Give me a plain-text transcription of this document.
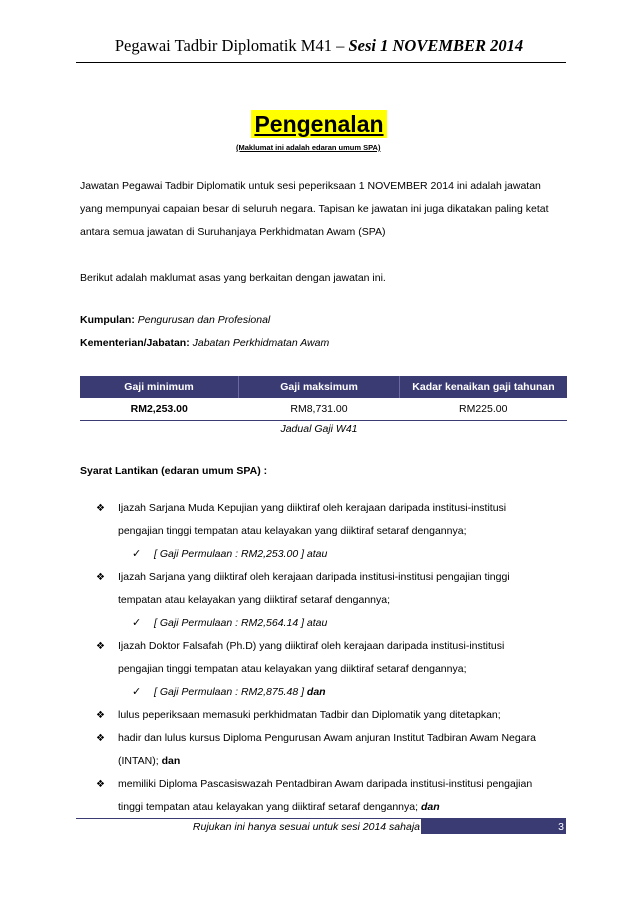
Pegawai Tadbir Diplomatik M41 – Sesi 1 NOVEMBER 2014
Pengenalan
(Maklumat ini adalah edaran umum SPA)
Jawatan Pegawai Tadbir Diplomatik untuk sesi peperiksaan 1 NOVEMBER 2014 ini adalah jawatan
yang mempunyai capaian besar di seluruh negara. Tapisan ke jawatan ini juga dikatakan paling ketat
antara semua jawatan di Suruhanjaya Perkhidmatan Awam (SPA)
Berikut adalah maklumat asas yang berkaitan dengan jawatan ini.
Kumpulan: Pengurusan dan Profesional
Kementerian/Jabatan: Jabatan Perkhidmatan Awam
Gaji minimum	Gaji maksimum	Kadar kenaikan gaji tahunan
RM2,253.00	RM8,731.00	RM225.00
Jadual Gaji W41
Syarat Lantikan (edaran umum SPA) :
❖ Ijazah Sarjana Muda Kepujian yang diiktiraf oleh kerajaan daripada institusi-institusi
pengajian tinggi tempatan atau kelayakan yang diiktiraf setaraf dengannya;
✓ [ Gaji Permulaan : RM2,253.00 ] atau
❖ Ijazah Sarjana yang diiktiraf oleh kerajaan daripada institusi-institusi pengajian tinggi
tempatan atau kelayakan yang diiktiraf setaraf dengannya;
✓ [ Gaji Permulaan : RM2,564.14 ] atau
❖ Ijazah Doktor Falsafah (Ph.D) yang diiktiraf oleh kerajaan daripada institusi-institusi
pengajian tinggi tempatan atau kelayakan yang diiktiraf setaraf dengannya;
✓ [ Gaji Permulaan : RM2,875.48 ] dan
❖ lulus peperiksaan memasuki perkhidmatan Tadbir dan Diplomatik yang ditetapkan;
❖ hadir dan lulus kursus Diploma Pengurusan Awam anjuran Institut Tadbiran Awam Negara
(INTAN); dan
❖ memiliki Diploma Pascasiswazah Pentadbiran Awam daripada institusi-institusi pengajian
tinggi tempatan atau kelayakan yang diiktiraf setaraf dengannya; dan
Rujukan ini hanya sesuai untuk sesi 2014 sahaja	3
